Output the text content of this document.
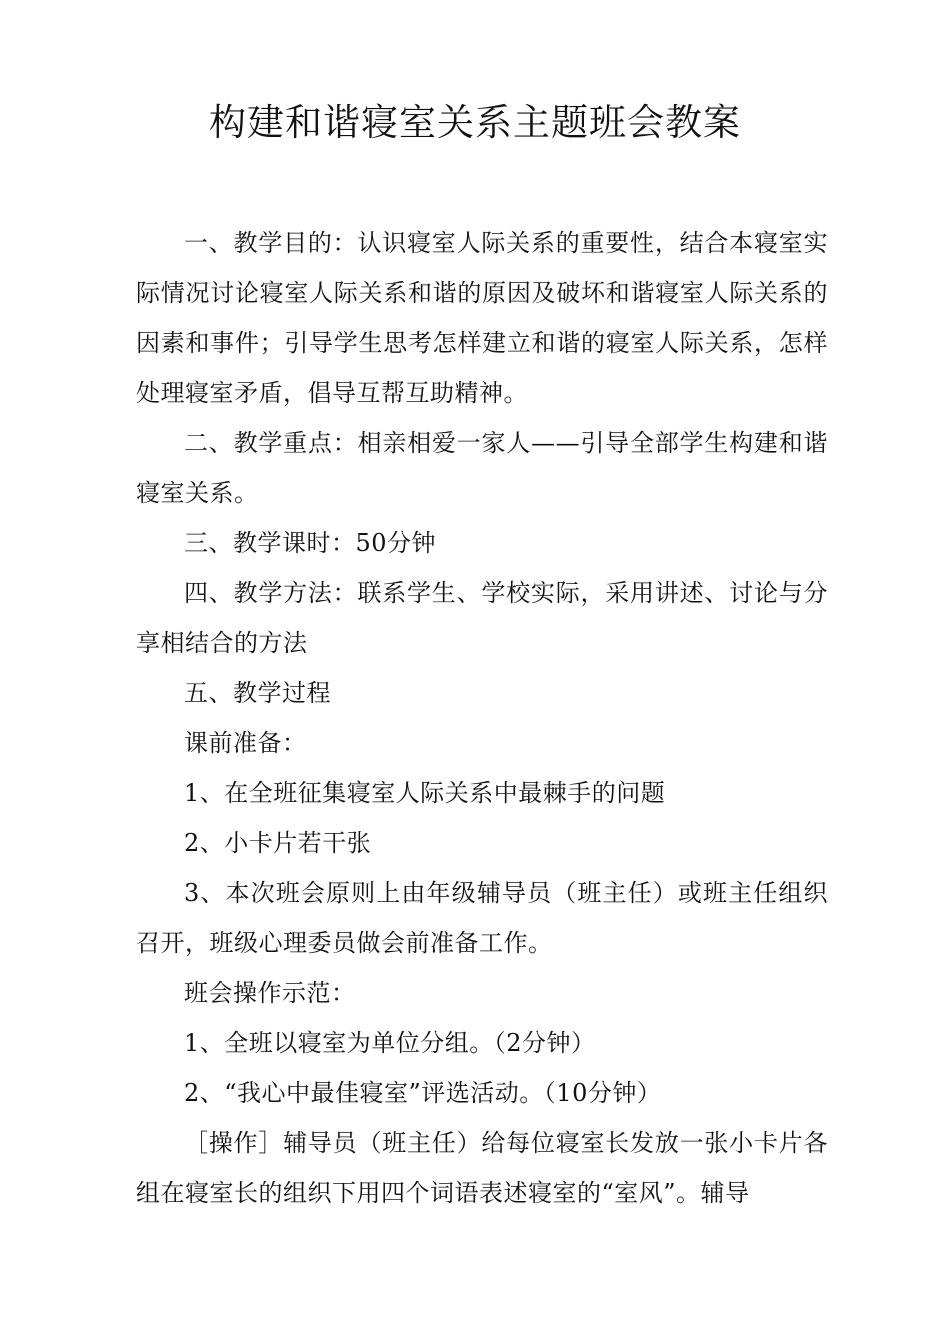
构建和谐寝室关系主题班会教案

一、教学目的：认识寝室人际关系的重要性，结合本寝室实际情况讨论寝室人际关系和谐的原因及破坏和谐寝室人际关系的因素和事件；引导学生思考怎样建立和谐的寝室人际关系，怎样处理寝室矛盾，倡导互帮互助精神。

二、教学重点：相亲相爱一家人——引导全部学生构建和谐寝室关系。

三、教学课时：50分钟

四、教学方法：联系学生、学校实际，采用讲述、讨论与分享相结合的方法

五、教学过程

课前准备：

1、在全班征集寝室人际关系中最棘手的问题

2、小卡片若干张

3、本次班会原则上由年级辅导员（班主任）或班主任组织召开，班级心理委员做会前准备工作。

班会操作示范：

1、全班以寝室为单位分组。（2分钟）

2、“我心中最佳寝室”评选活动。（10分钟）

［操作］辅导员（班主任）给每位寝室长发放一张小卡片各组在寝室长的组织下用四个词语表述寝室的“室风”。辅导
